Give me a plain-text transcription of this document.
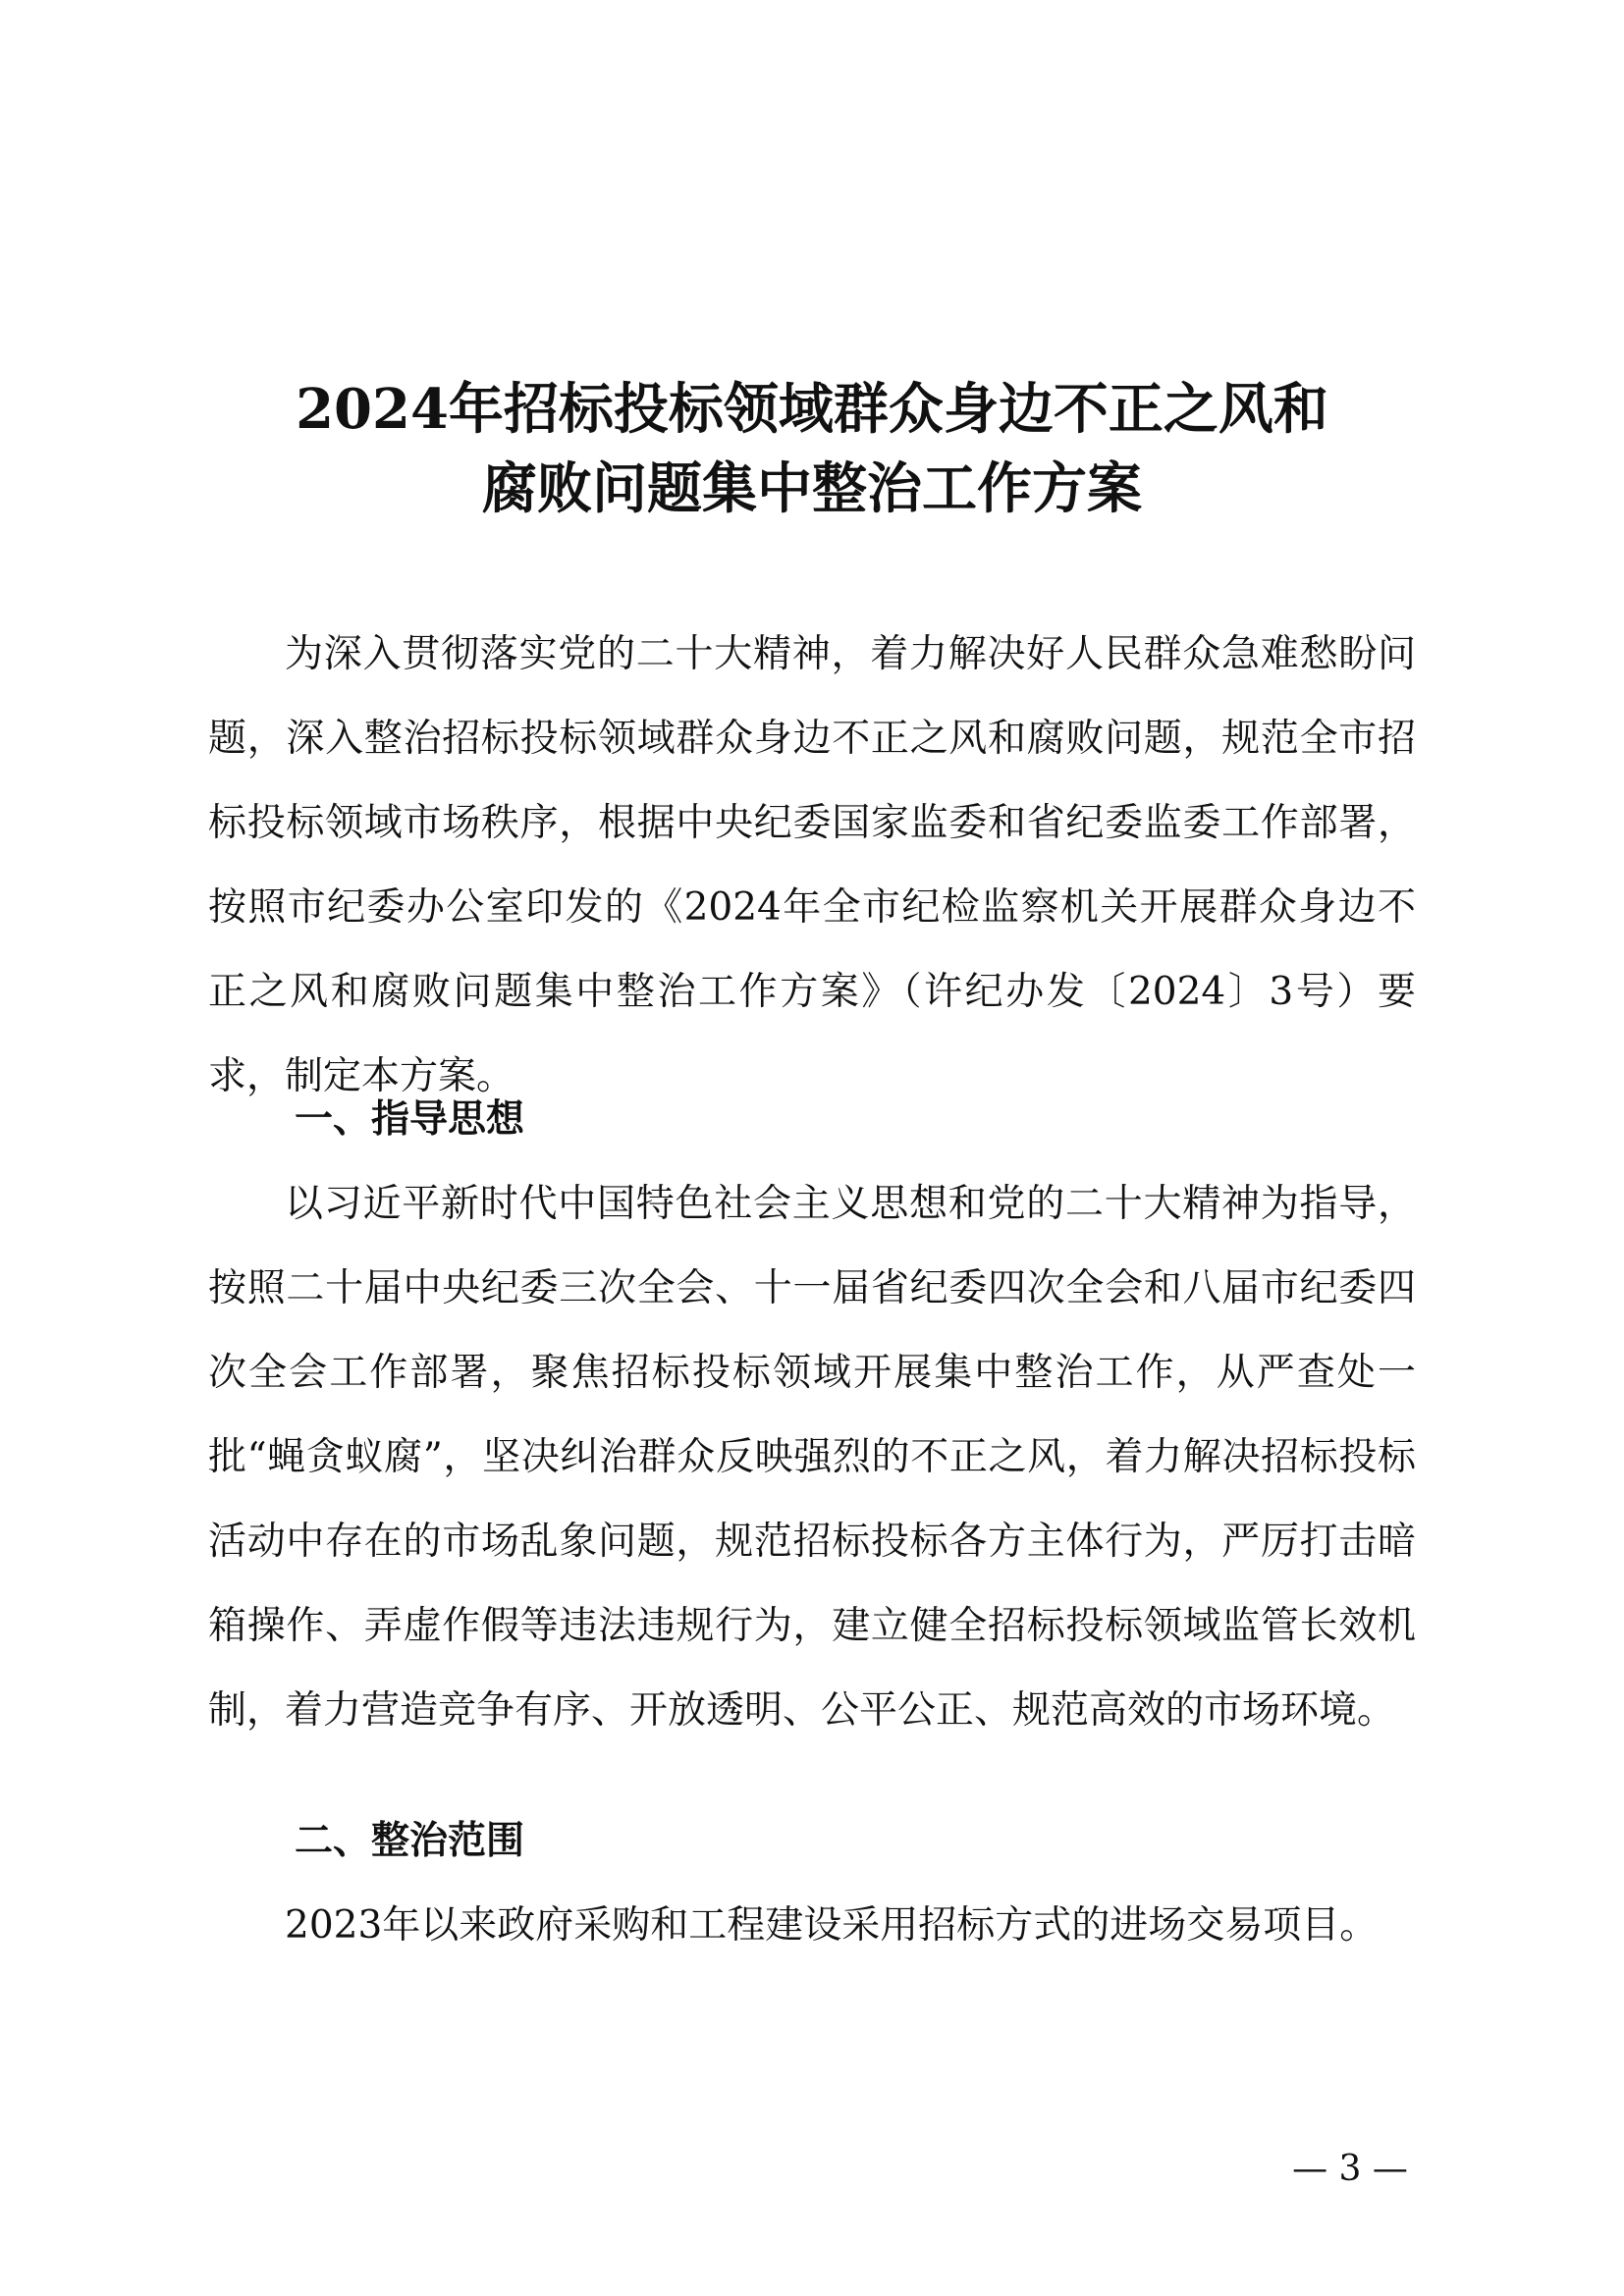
2024年招标投标领域群众身边不正之风和
腐败问题集中整治工作方案

为深入贯彻落实党的二十大精神，着力解决好人民群众急难愁盼问题，深入整治招标投标领域群众身边不正之风和腐败问题，规范全市招标投标领域市场秩序，根据中央纪委国家监委和省纪委监委工作部署，按照市纪委办公室印发的《2024年全市纪检监察机关开展群众身边不正之风和腐败问题集中整治工作方案》（许纪办发〔2024〕3号）要求，制定本方案。

一、指导思想

以习近平新时代中国特色社会主义思想和党的二十大精神为指导，按照二十届中央纪委三次全会、十一届省纪委四次全会和八届市纪委四次全会工作部署，聚焦招标投标领域开展集中整治工作，从严查处一批“蝇贪蚁腐”，坚决纠治群众反映强烈的不正之风，着力解决招标投标活动中存在的市场乱象问题，规范招标投标各方主体行为，严厉打击暗箱操作、弄虚作假等违法违规行为，建立健全招标投标领域监管长效机制，着力营造竞争有序、开放透明、公平公正、规范高效的市场环境。

二、整治范围

2023年以来政府采购和工程建设采用招标方式的进场交易项目。

— 3 —
